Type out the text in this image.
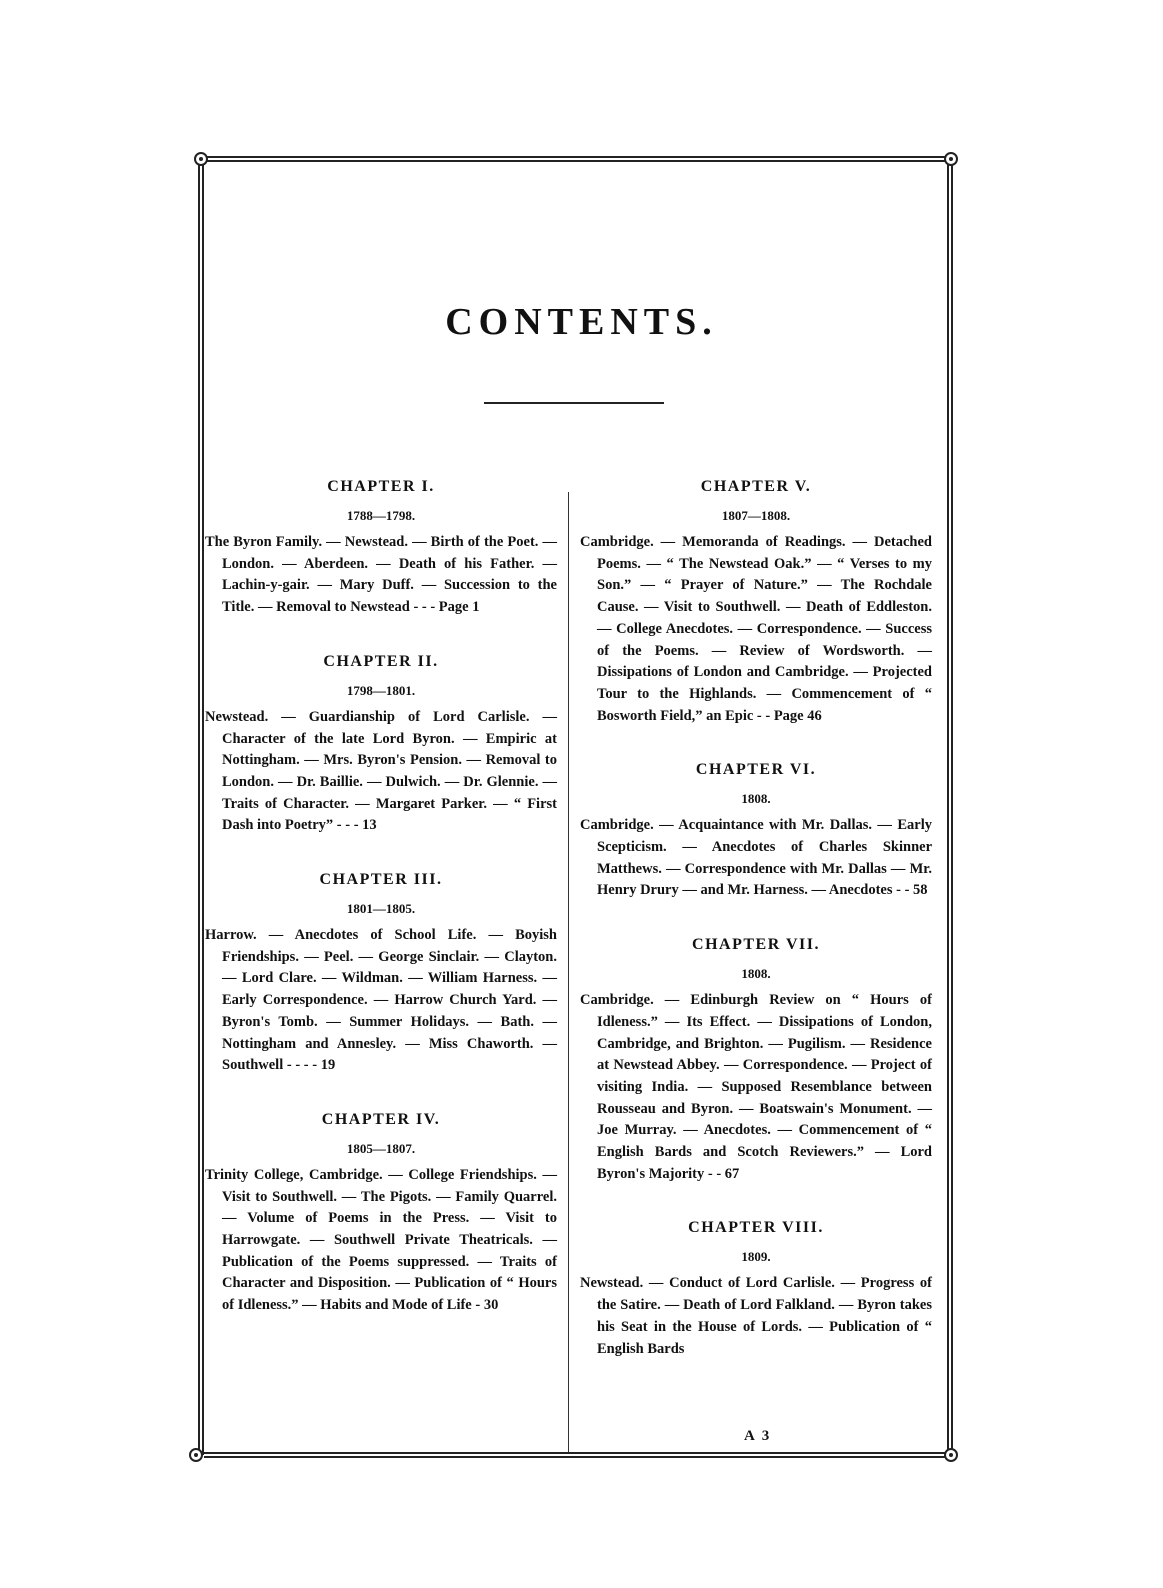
CONTENTS.
CHAPTER I.
1788—1798.

The Byron Family. — Newstead. — Birth of the Poet. — London. — Aberdeen. — Death of his Father. — Lachin-y-gair. — Mary Duff. — Succession to the Title. — Removal to Newstead - - - Page 1

CHAPTER II.
1798—1801.

Newstead. — Guardianship of Lord Carlisle. — Character of the late Lord Byron. — Empiric at Nottingham. — Mrs. Byron's Pension. — Removal to London. — Dr. Baillie. — Dulwich. — Dr. Glennie. — Traits of Character. — Margaret Parker. — “ First Dash into Poetry” - - - 13

CHAPTER III.
1801—1805.

Harrow. — Anecdotes of School Life. — Boyish Friendships. — Peel. — George Sinclair. — Clayton. — Lord Clare. — Wildman. — William Harness. — Early Correspondence. — Harrow Church Yard. — Byron's Tomb. — Summer Holidays. — Bath. — Nottingham and Annesley. — Miss Chaworth. — Southwell - - - - 19

CHAPTER IV.
1805—1807.

Trinity College, Cambridge. — College Friendships. — Visit to Southwell. — The Pigots. — Family Quarrel. — Volume of Poems in the Press. — Visit to Harrowgate. — Southwell Private Theatricals. — Publication of the Poems suppressed. — Traits of Character and Disposition. — Publication of “ Hours of Idleness.” — Habits and Mode of Life - 30

CHAPTER V.
1807—1808.

Cambridge. — Memoranda of Readings. — Detached Poems. — “ The Newstead Oak.” — “ Verses to my Son.” — “ Prayer of Nature.” — The Rochdale Cause. — Visit to Southwell. — Death of Eddleston. — College Anecdotes. — Correspondence. — Success of the Poems. — Review of Wordsworth. — Dissipations of London and Cambridge. — Projected Tour to the Highlands. — Commencement of “ Bosworth Field,” an Epic - - Page 46

CHAPTER VI.
1808.

Cambridge. — Acquaintance with Mr. Dallas. — Early Scepticism. — Anecdotes of Charles Skinner Matthews. — Correspondence with Mr. Dallas — Mr. Henry Drury — and Mr. Harness. — Anecdotes - - 58

CHAPTER VII.
1808.

Cambridge. — Edinburgh Review on “ Hours of Idleness.” — Its Effect. — Dissipations of London, Cambridge, and Brighton. — Pugilism. — Residence at Newstead Abbey. — Correspondence. — Project of visiting India. — Supposed Resemblance between Rousseau and Byron. — Boatswain's Monument. — Joe Murray. — Anecdotes. — Commencement of “ English Bards and Scotch Reviewers.” — Lord Byron's Majority - - 67

CHAPTER VIII.
1809.

Newstead. — Conduct of Lord Carlisle. — Progress of the Satire. — Death of Lord Falkland. — Byron takes his Seat in the House of Lords. — Publication of “ English Bards

A 3
